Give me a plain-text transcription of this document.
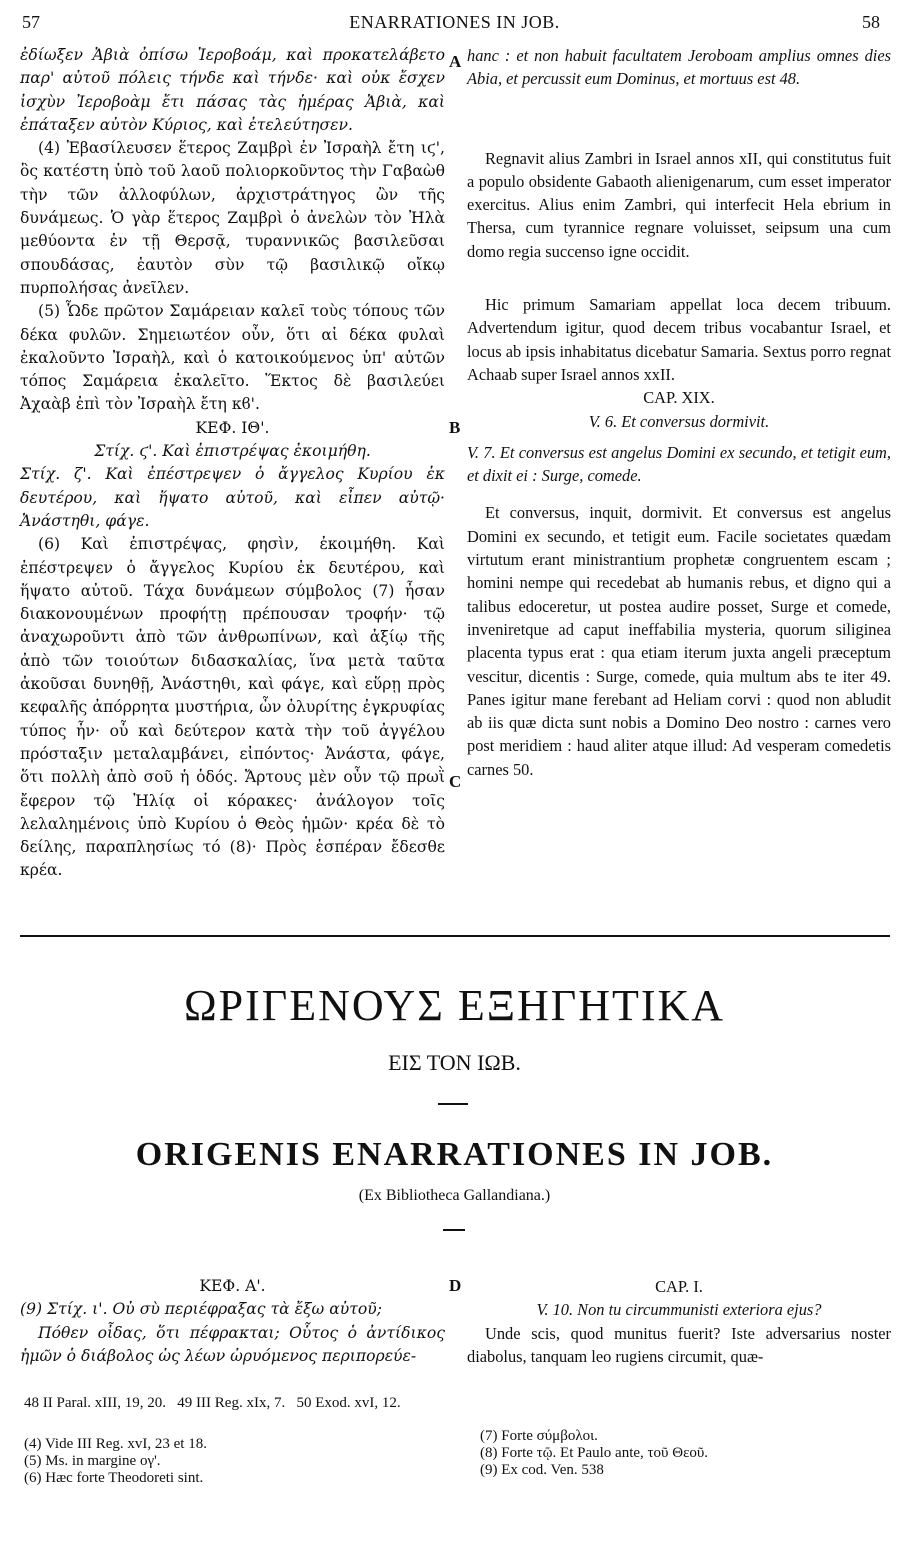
57	ENARRATIONES IN JOB.	58
A
B
C
D

ἐδίωξεν Ἀβιὰ ὀπίσω Ἰεροβοάμ, καὶ προκατελάβετο παρ' αὐτοῦ πόλεις τήνδε καὶ τήνδε· καὶ οὐκ ἔσχεν ἰσχὺν Ἰεροβοὰμ ἔτι πάσας τὰς ἡμέρας Ἀβιὰ, καὶ ἐπάταξεν αὐτὸν Κύριος, καὶ ἐτελεύτησεν.

(4) Ἐβασίλευσεν ἕτερος Ζαμβρὶ ἐν Ἰσραὴλ ἔτη ιϛ', ὃς κατέστη ὑπὸ τοῦ λαοῦ πολιορκοῦντος τὴν Γαβαὼθ τὴν τῶν ἀλλοφύλων, ἀρχιστράτηγος ὢν τῆς δυνάμεως. Ὁ γὰρ ἕτερος Ζαμβρὶ ὁ ἀνελὼν τὸν Ἠλὰ μεθύοντα ἐν τῇ Θερσᾷ, τυραννικῶς βασιλεῦσαι σπουδάσας, ἑαυτὸν σὺν τῷ βασιλικῷ οἴκῳ πυρπολήσας ἀνεῖλεν.

(5) Ὧδε πρῶτον Σαμάρειαν καλεῖ τοὺς τόπους τῶν δέκα φυλῶν. Σημειωτέον οὖν, ὅτι αἱ δέκα φυλαὶ ἐκαλοῦντο Ἰσραὴλ, καὶ ὁ κατοικούμενος ὑπ' αὐτῶν τόπος Σαμάρεια ἐκαλεῖτο. Ἕκτος δὲ βασιλεύει Ἀχαὰβ ἐπὶ τὸν Ἰσραὴλ ἔτη κϐ'.

ΚΕΦ. ΙΘ'.

Στίχ. ϛ'. Καὶ ἐπιστρέψας ἐκοιμήθη.

Στίχ. ζ'. Καὶ ἐπέστρεψεν ὁ ἄγγελος Κυρίου ἐκ δευτέρου, καὶ ἥψατο αὐτοῦ, καὶ εἶπεν αὐτῷ· Ἀνάστηθι, φάγε.

(6) Καὶ ἐπιστρέψας, φησὶν, ἐκοιμήθη. Καὶ ἐπέστρεψεν ὁ ἄγγελος Κυρίου ἐκ δευτέρου, καὶ ἥψατο αὐτοῦ. Τάχα δυνάμεων σύμβολος (7) ἦσαν διακονουμένων προφήτῃ πρέπουσαν τροφήν· τῷ ἀναχωροῦντι ἀπὸ τῶν ἀνθρωπίνων, καὶ ἀξίῳ τῆς ἀπὸ τῶν τοιούτων διδασκαλίας, ἵνα μετὰ ταῦτα ἀκοῦσαι δυνηθῇ, Ἀνάστηθι, καὶ φάγε, καὶ εὕρῃ πρὸς κεφαλῆς ἀπόρρητα μυστήρια, ὧν ὀλυρίτης ἐγκρυφίας τύπος ἦν· οὗ καὶ δεύτερον κατὰ τὴν τοῦ ἀγγέλου πρόσταξιν μεταλαμβάνει, εἰπόντος· Ἀνάστα, φάγε, ὅτι πολλὴ ἀπὸ σοῦ ἡ ὁδός. Ἄρτους μὲν οὖν τῷ πρωῒ ἔφερον τῷ Ἠλίᾳ οἱ κόρακες· ἀνάλογον τοῖς λελαλημένοις ὑπὸ Κυρίου ὁ Θεὸς ἡμῶν· κρέα δὲ τὸ δείλης, παραπλησίως τό (8)· Πρὸς ἑσπέραν ἔδεσθε κρέα.

hanc : et non habuit facultatem Jeroboam amplius omnes dies Abia, et percussit eum Dominus, et mortuus est 48.

Regnavit alius Zambri in Israel annos xII, qui constitutus fuit a populo obsidente Gabaoth alienigenarum, cum esset imperator exercitus. Alius enim Zambri, qui interfecit Hela ebrium in Thersa, cum tyrannice regnare voluisset, seipsum una cum domo regia succenso igne occidit.

Hic primum Samariam appellat loca decem tribuum. Advertendum igitur, quod decem tribus vocabantur Israel, et locus ab ipsis inhabitatus dicebatur Samaria. Sextus porro regnat Achaab super Israel annos xxII.

CAP. XIX.

V. 6. Et conversus dormivit.

V. 7. Et conversus est angelus Domini ex secundo, et tetigit eum, et dixit ei : Surge, comede.

Et conversus, inquit, dormivit. Et conversus est angelus Domini ex secundo, et tetigit eum. Facile societates quædam virtutum erant ministrantium prophetæ congruentem escam ; homini nempe qui recedebat ab humanis rebus, et digno qui a talibus edoceretur, ut postea audire posset, Surge et comede, inveniretque ad caput ineffabilia mysteria, quorum siliginea placenta typus erat : qua etiam iterum juxta angeli præceptum vescitur, dicentis : Surge, comede, quia multum abs te iter 49. Panes igitur mane ferebant ad Heliam corvi : quod non abludit ab iis quæ dicta sunt nobis a Domino Deo nostro : carnes vero post meridiem : haud aliter atque illud: Ad vesperam comedetis carnes 50.

ΩΡΙΓΕΝΟΥΣ ΕΞΗΓΗΤΙΚΑ
ΕΙΣ ΤΟΝ ΙΩΒ.
ORIGENIS ENARRATIONES IN JOB.
(Ex Bibliotheca Gallandiana.)

ΚΕΦ. Α'.

(9) Στίχ. ι'. Οὐ σὺ περιέφραξας τὰ ἔξω αὐτοῦ;

Πόθεν οἶδας, ὅτι πέφρακται; Οὗτος ὁ ἀντίδικος ἡμῶν ὁ διάβολος ὡς λέων ὠρυόμενος περιπορεύε-

CAP. I.

V. 10. Non tu circummunisti exteriora ejus?

Unde scis, quod munitus fuerit? Iste adversarius noster diabolus, tanquam leo rugiens circumit, quæ-

48 II Paral. xIII, 19, 20.   49 III Reg. xIx, 7.   50 Exod. xvI, 12.
(4) Vide III Reg. xvI, 23 et 18.
(5) Ms. in margine ογ'.
(6) Hæc forte Theodoreti sint.
(7) Forte σύμβολοι.
(8) Forte τῷ. Et Paulo ante, τοῦ Θεοῦ.
(9) Ex cod. Ven. 538
